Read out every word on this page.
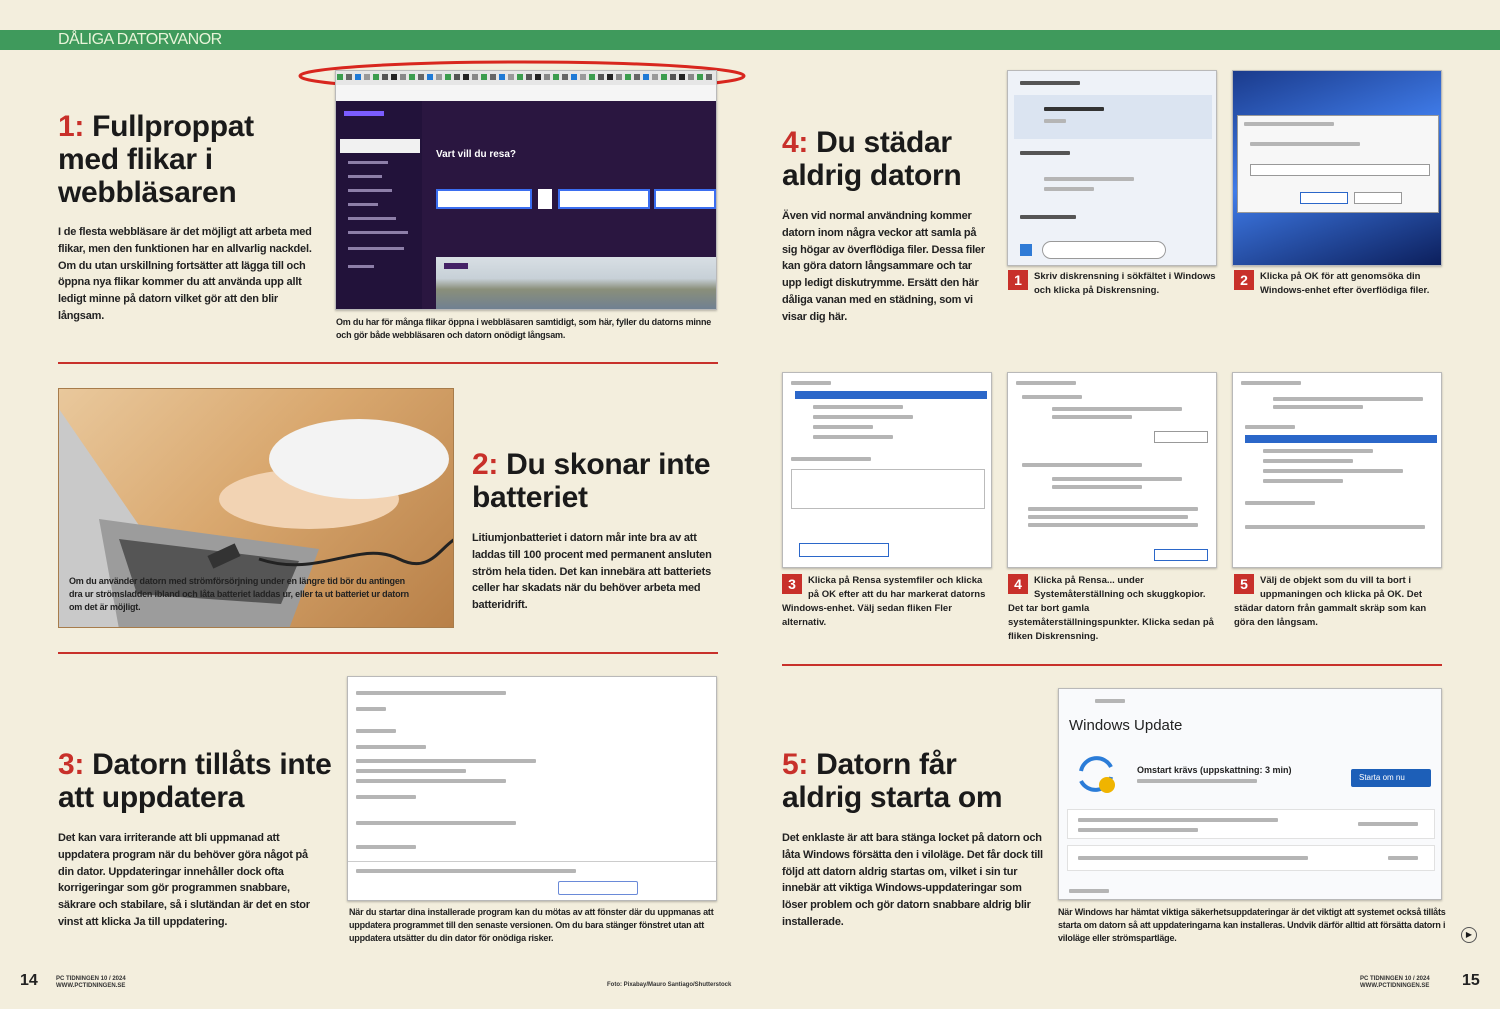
DÅLIGA DATORVANOR
1: Fullproppat med flikar i webbläsaren
I de flesta webbläsare är det möjligt att arbeta med flikar, men den funktionen har en allvarlig nackdel. Om du utan urskillning fortsätter att lägga till och öppna nya flikar kommer du att använda upp allt ledigt minne på datorn vilket gör att den blir långsam.
Vart vill du resa?
Om du har för många flikar öppna i webbläsaren samtidigt, som här, fyller du datorns minne och gör både webbläsaren och datorn onödigt långsam.
Om du använder datorn med strömförsörjning under en längre tid bör du antingen dra ur strömsladden ibland och låta batteriet laddas ur, eller ta ut batteriet ur datorn om det är möjligt.
2: Du skonar inte batteriet
Litiumjonbatteriet i datorn mår inte bra av att laddas till 100 procent med permanent ansluten ström hela tiden. Det kan innebära att batteriets celler har skadats när du behöver arbeta med batteridrift.
3: Datorn tillåts inte att uppdatera
Det kan vara irriterande att bli uppmanad att uppdatera program när du behöver göra något på din dator. Uppdateringar innehåller dock ofta korrigeringar som gör programmen snabbare, säkrare och stabilare, så i slutändan är det en stor vinst att klicka Ja till uppdatering.
När du startar dina installerade program kan du mötas av att fönster där du uppmanas att uppdatera programmet till den senaste versionen. Om du bara stänger fönstret utan att uppdatera utsätter du din dator för onödiga risker.
4: Du städar aldrig datorn
Även vid normal användning kommer datorn inom några veckor att samla på sig högar av överflödiga filer. Dessa filer kan göra datorn långsammare och tar upp ledigt diskutrymme. Ersätt den här dåliga vanan med en städning, som vi visar dig här.
1	Skriv diskrensning i sökfältet i Windows och klicka på Diskrensning.
2	Klicka på OK för att genomsöka din Windows-enhet efter överflödiga filer.
3	Klicka på Rensa systemfiler och klicka på OK efter att du har markerat datorns Windows-enhet. Välj sedan fliken Fler alternativ.
4	Klicka på Rensa... under Systemåterställning och skuggkopior. Det tar bort gamla systemåterställningspunkter. Klicka sedan på fliken Diskrensning.
5	Välj de objekt som du vill ta bort i uppmaningen och klicka på OK. Det städar datorn från gammalt skräp som kan göra den långsam.
5: Datorn får aldrig starta om
Det enklaste är att bara stänga locket på datorn och låta Windows försätta den i viloläge. Det får dock till följd att datorn aldrig startas om, vilket i sin tur innebär att viktiga Windows-uppdateringar som löser problem och gör datorn snabbare aldrig blir installerade.
Windows Update
Omstart krävs (uppskattning: 3 min)
Starta om nu
När Windows har hämtat viktiga säkerhetsuppdateringar är det viktigt att systemet också tillåts starta om datorn så att uppdateringarna kan installeras. Undvik därför alltid att försätta datorn i viloläge eller strömspartläge.	▶
14	PC TIDNINGEN 10 / 2024
WWW.PCTIDNINGEN.SE	Foto: Pixabay/Mauro Santiago/Shutterstock
PC TIDNINGEN 10 / 2024
WWW.PCTIDNINGEN.SE 15
